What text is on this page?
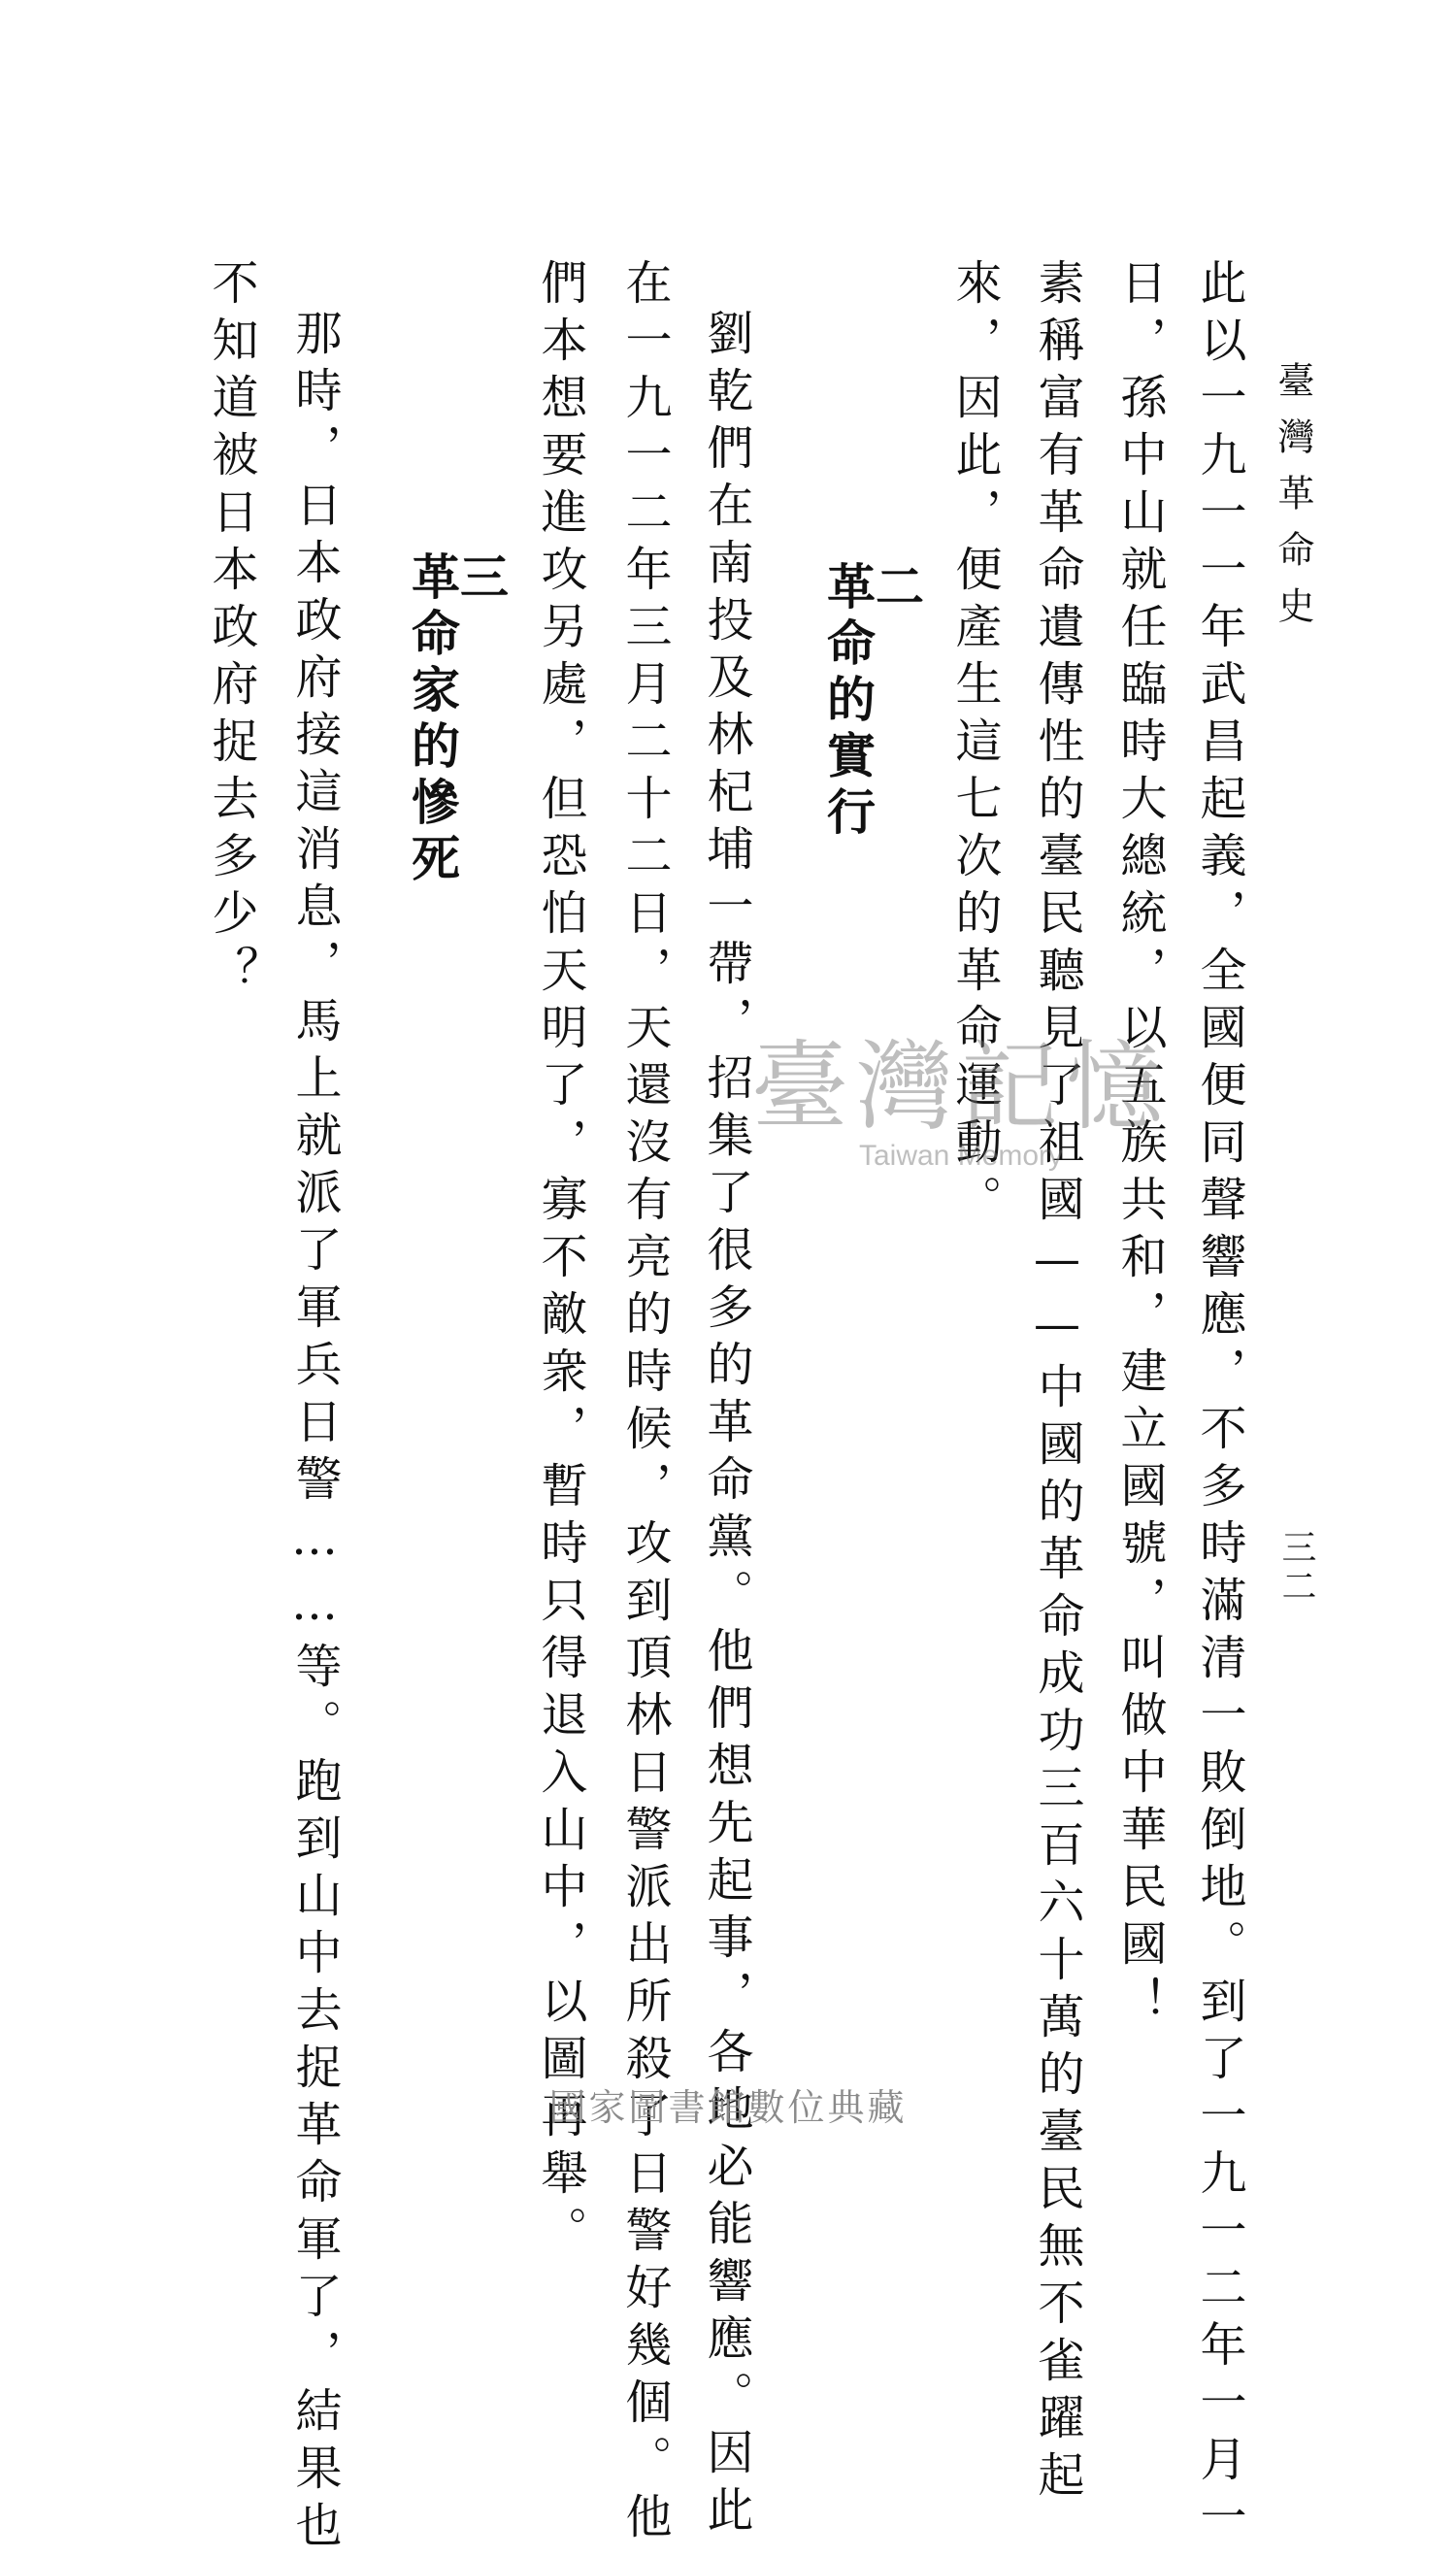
臺灣革命史
三二
此以一九一一年武昌起義，全國便同聲響應，不多時滿清一敗倒地。到了一九一二年一月一
日，孫中山就任臨時大總統，以五族共和，建立國號，叫做中華民國！
素稱富有革命遺傳性的臺民聽見了祖國——中國的革命成功三百六十萬的臺民無不雀躍起
來，因此，便產生這七次的革命運動。
二
革命的實行
劉乾們在南投及林杞埔一帶，招集了很多的革命黨。他們想先起事，各地必能響應。因此
在一九一二年三月二十二日，天還沒有亮的時候，攻到頂林日警派出所殺了日警好幾個。他
們本想要進攻另處，但恐怕天明了，寡不敵衆，暫時只得退入山中，以圖再舉。
三
革命家的慘死
那時，日本政府接這消息，馬上就派了軍兵日警……等。跑到山中去捉革命軍了，結果也
不知道被日本政府捉去多少？
臺灣記憶
Taiwan Memory
國家圖書館數位典藏
